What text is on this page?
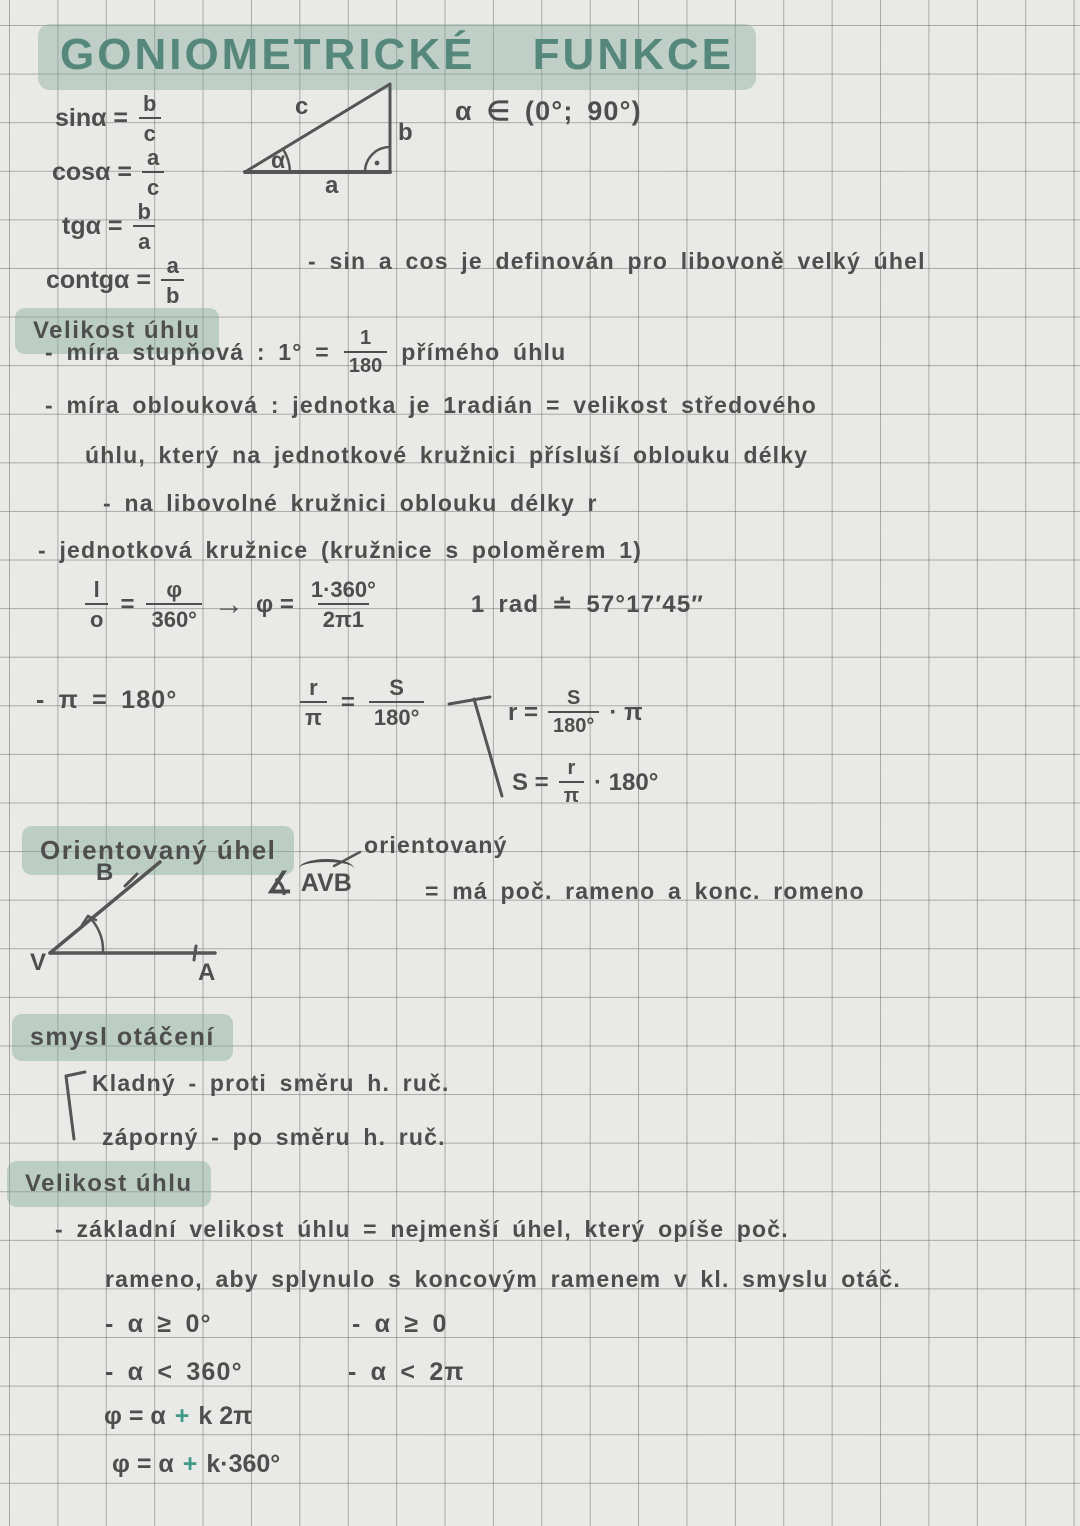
GONIOMETRICKÉ FUNKCE
$\sin\alpha = \frac{b}{c}$
$\cos\alpha = \frac{a}{c}$
$tg\alpha = \frac{b}{a}$
contgα = $\frac{a}{b}$
c
b
a
α
α ∈ (0°; 90°)
- sin a cos je definován pro libovoně velký úhel
Velikost úhlu
- míra stupňová : $1^\circ = \frac{1}{180}$ přímého úhlu
- míra oblouková : jednotka je 1radián = velikost středového
úhlu, který na jednotkové kružnici přísluší oblouku délky
- na libovolné kružnici oblouku délky r
- jednotková kružnice (kružnice s poloměrem 1)
$\frac{l}{o} = \frac{\varphi}{360^\circ} \to \varphi = \frac{1\cdot 360^\circ}{2\pi 1}$	1 rad ≐ 57°17′45″
- π = 180°	$\frac{r}{\pi} = \frac{S}{180^\circ}$	$r = \frac{S}{180^\circ} \cdot \pi$
$S = \frac{r}{\pi} \cdot 180^\circ$
Orientovaný úhel	orientovaný
∡ AVB	= má poč. rameno a konc. romeno
V	A
B
smysl otáčení
Kladný - proti směru h. ruč.
záporný - po směru h. ruč.
Velikost úhlu
- základní velikost úhlu = nejmenší úhel, který opíše poč.
rameno, aby splynulo s koncovým ramenem v kl. smyslu otáč.
- α ≥ 0°	- α ≥ 0
- α < 360°	- α < 2π
φ = α + k 2π
φ = α + k·360°
